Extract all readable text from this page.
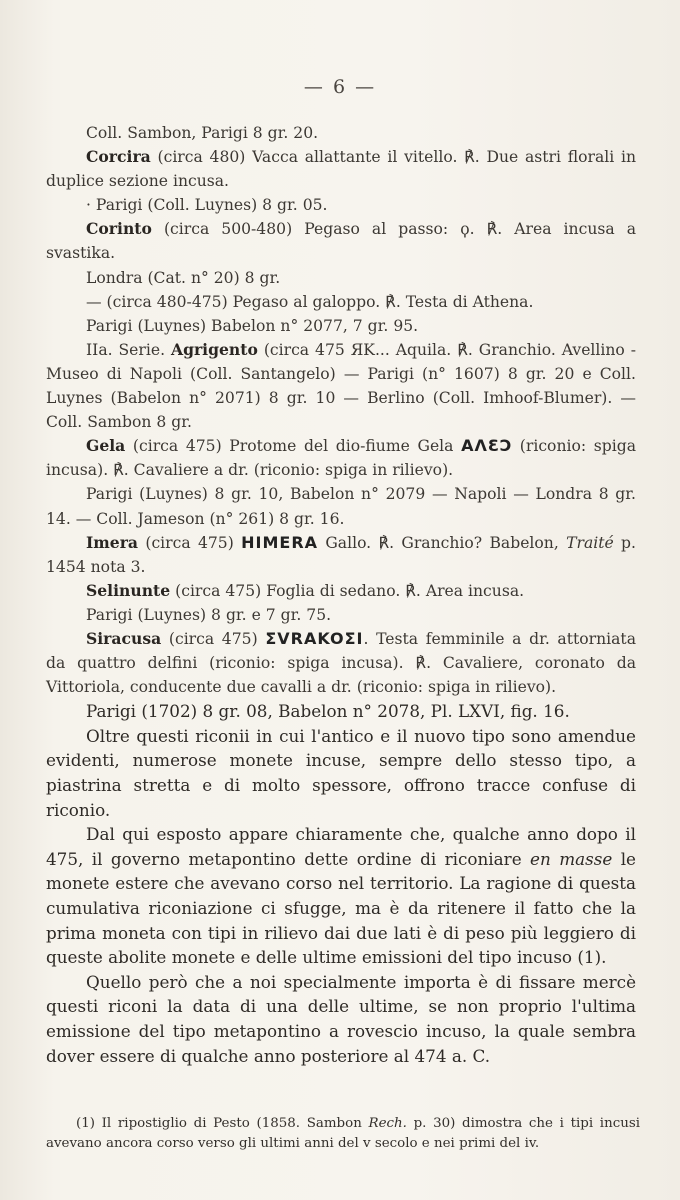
— 6 —

Coll. Sambon, Parigi 8 gr. 20.

Corcira (circa 480) Vacca allattante il vitello. ℟. Due astri florali in duplice sezione incusa.

· Parigi (Coll. Luynes) 8 gr. 05.

Corinto (circa 500-480) Pegaso al passo: ϙ. ℟. Area incusa a svastika.

Londra (Cat. n° 20) 8 gr.

— (circa 480-475) Pegaso al galoppo. ℟. Testa di Athena.

Parigi (Luynes) Babelon n° 2077, 7 gr. 95.

IIa. Serie. Agrigento (circa 475 ЯΚ... Aquila. ℟. Granchio. Avellino - Museo di Napoli (Coll. Santangelo) — Parigi (n° 1607) 8 gr. 20 e Coll. Luynes (Babelon n° 2071) 8 gr. 10 — Berlino (Coll. Imhoof-Blumer). — Coll. Sambon 8 gr.

Gela (circa 475) Protome del dio-fiume Gela ΑΛƐϽ (riconio: spiga incusa). ℟. Cavaliere a dr. (riconio: spiga in rilievo).

Parigi (Luynes) 8 gr. 10, Babelon n° 2079 — Napoli — Londra 8 gr. 14. — Coll. Jameson (n° 261) 8 gr. 16.

Imera (circa 475) HIMERA Gallo. ℟. Granchio? Babelon, Traité p. 1454 nota 3.

Selinunte (circa 475) Foglia di sedano. ℟. Area incusa.

Parigi (Luynes) 8 gr. e 7 gr. 75.

Siracusa (circa 475) ΣVRAKOΣI. Testa femminile a dr. attorniata da quattro delfini (riconio: spiga incusa). ℟. Cavaliere, coronato da Vittoriola, conducente due cavalli a dr. (riconio: spiga in rilievo).

Parigi (1702) 8 gr. 08, Babelon n° 2078, Pl. LXVI, fig. 16.

Oltre questi riconii in cui l'antico e il nuovo tipo sono amendue evidenti, numerose monete incuse, sempre dello stesso tipo, a piastrina stretta e di molto spessore, offrono tracce confuse di riconio.

Dal qui esposto appare chiaramente che, qualche anno dopo il 475, il governo metapontino dette ordine di riconiare en masse le monete estere che avevano corso nel territorio. La ragione di questa cumulativa riconiazione ci sfugge, ma è da ritenere il fatto che la prima moneta con tipi in rilievo dai due lati è di peso più leggiero di queste abolite monete e delle ultime emissioni del tipo incuso (1).

Quello però che a noi specialmente importa è di fissare mercè questi riconi la data di una delle ultime, se non proprio l'ultima emissione del tipo metapontino a rovescio incuso, la quale sembra dover essere di qualche anno posteriore al 474 a. C.

(1) Il ripostiglio di Pesto (1858. Sambon Rech. p. 30) dimostra che i tipi incusi avevano ancora corso verso gli ultimi anni del v secolo e nei primi del iv.
